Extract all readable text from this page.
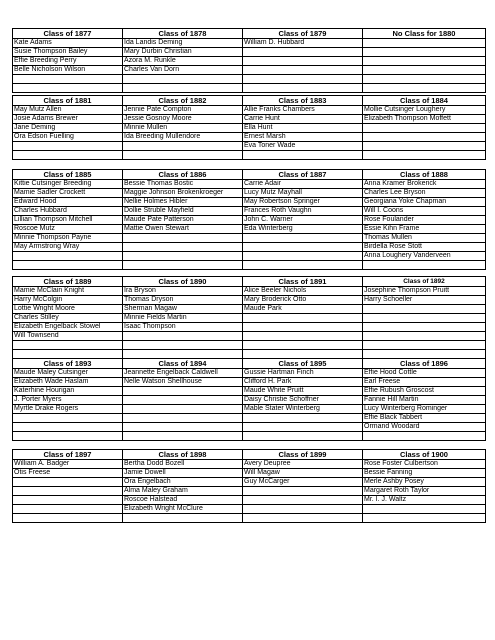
Class of 1877	Class of 1878	Class of 1879	No Class for 1880
Kate Adams	Ida Landis Deming	William D. Hubbard	
Susie Thompson Bailey	Mary Durbin Christian		
Effie Breeding Perry	Azora M. Runkle		
Belle Nicholson Wilson	Charles Van Dorn		

Class of 1881	Class of 1882	Class of 1883	Class of 1884
May Mutz Allen	Jennie Pate Compton	Allie Franks Chambers	Mollie Cutsinger Loughery
Josie Adams Brewer	Jessie Gosnoy Moore	Carrie Hunt	Elizabeth Thompson Moffett
Jane Deming	Minnie Mullen	Ella Hunt	
Ora Edson Fuelling	Ida Breeding Mullendore	Ernest Marsh	
		Eva Toner Wade	

Class of 1885	Class of 1886	Class of 1887	Class of 1888
Kittie Cutsinger Breeding	Bessie Thomas Bostic	Carrie Adair	Anna Kramer Brokerick
Mamie Sadler Crockett	Maggie Johnson Brokenkroeger	Lucy Mutz Mayhall	Charles Lee Bryson
Edward Hood	Nellie Holmes Hibler	May Robertson Springer	Georgiana Yoke Chapman
Charles Hubbard	Dollie Struble Mayfield	Frances Roth Vaughn	Will I. Coons
Lillian Thompson Mitchell	Maude Pate Patterson	John C. Warner	Rose Foulander
Roscoe Mutz	Mattie Owen Stewart	Eda Winterberg	Essie Kihn Frame
Minnie Thompson Payne			Thomas Mullen
May Armstrong Wray			Birdella Rose Stott
			Anna Loughery Vanderveen

Class of 1889	Class of 1890	Class of 1891	Class of 1892
Mamie McClain Knight	Ira Bryson	Alice Beeler Nichols	Josephine Thompson Pruitt
Harry McColgin	Thomas Dryson	Mary Broderick Otto	Harry Schoeller
Lottie Wright Moore	Sherman Magaw	Maude Park	
Charles Stilley	Minnie Fields Martin		
Elizabeth Engelback Stowel	Isaac Thompson		
Will Townsend			

Class of 1893	Class of 1894	Class of 1895	Class of 1896
Maude Maley Cutsinger	Jeannette Engelback Caldwell	Gussie Hartman Finch	Effie Hood Cottle
Elizabeth Wade Haslam	Nelle Watson Shellhouse	Clifford H. Park	Earl Freese
Katerhine Hourigan		Maude White Pruitt	Effie Rubush Groscost
J. Porter Myers		Daisy Christie Schoffner	Fannie Hill Martin
Myrtle Drake Rogers		Mable Stater Winterberg	Lucy Winterberg Rominger
			Effie Black Tabbert
			Ormand Woodard

Class of 1897	Class of 1898	Class of 1899	Class of 1900
William A. Badger	Bertha Dodd Bozell	Avery Deupree	Rose Foster Culbertson
Otis Freese	Jamie Dowell	Will Magaw	Bessie Fanning
	Ora Engelbach	Guy McCarger	Merle Ashby Posey
	Alma Maley Graham		Margaret Roth Taylor
	Roscoe Halstead		Mr. I. J. Waltz
	Elizabeth Wright McClure		
